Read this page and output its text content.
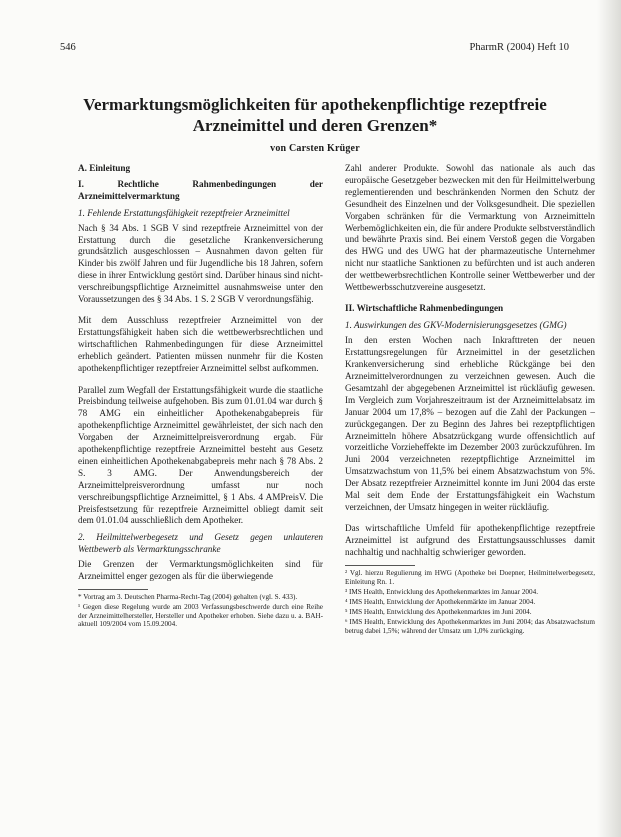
546	PharmR (2004) Heft 10
Vermarktungsmöglichkeiten für apothekenpflichtige rezeptfreie
Arzneimittel und deren Grenzen*
von Carsten Krüger
A. Einleitung
I. Rechtliche Rahmenbedingungen der Arzneimittelvermarktung
1. Fehlende Erstattungsfähigkeit rezeptfreier Arzneimittel

Nach § 34 Abs. 1 SGB V sind rezeptfreie Arzneimittel von der Erstattung durch die gesetzliche Krankenversicherung grundsätzlich ausgeschlossen – Ausnahmen davon gelten für Kinder bis zwölf Jahren und für Jugendliche bis 18 Jahren, sofern diese in ihrer Entwicklung gestört sind. Darüber hinaus sind nicht-verschreibungspflichtige Arzneimittel ausnahmsweise unter den Voraussetzungen des § 34 Abs. 1 S. 2 SGB V verordnungsfähig.

Mit dem Ausschluss rezeptfreier Arzneimittel von der Erstattungsfähigkeit haben sich die wettbewerbsrechtlichen und wirtschaftlichen Rahmenbedingungen für diese Arzneimittel erheblich geändert. Patienten müssen nunmehr für die Kosten apothekenpflichtiger rezeptfreier Arzneimittel selbst aufkommen.

Parallel zum Wegfall der Erstattungsfähigkeit wurde die staatliche Preisbindung teilweise aufgehoben. Bis zum 01.01.04 war durch § 78 AMG ein einheitlicher Apothekenabgabepreis für apothekenpflichtige Arzneimittel gewährleistet, der sich nach den Vorgaben der Arzneimittelpreisverordnung ergab. Für apothekenpflichtige rezeptfreie Arzneimittel besteht aus Gesetz einen einheitlichen Apothekenabgabepreis mehr nach § 78 Abs. 2 S. 3 AMG. Der Anwendungsbereich der Arzneimittelpreisverordnung umfasst nur noch verschreibungspflichtige Arzneimittel, § 1 Abs. 4 AMPreisV. Die Preisfestsetzung für rezeptfreie Arzneimittel obliegt damit seit dem 01.01.04 ausschließlich dem Apotheker.

2. Heilmittelwerbegesetz und Gesetz gegen unlauteren Wettbewerb als Vermarktungsschranke

Die Grenzen der Vermarktungsmöglichkeiten sind für Arzneimittel enger gezogen als für die überwiegende

* Vortrag am 3. Deutschen Pharma-Recht-Tag (2004) gehalten (vgl. S. 433).
¹ Gegen diese Regelung wurde am 2003 Verfassungsbeschwerde durch eine Reihe der Arzneimittelhersteller, Hersteller und Apotheker erhoben. Siehe dazu u. a. BAH-aktuell 109/2004 vom 15.09.2004.

Zahl anderer Produkte. Sowohl das nationale als auch das europäische Gesetzgeber bezwecken mit den für Heilmittelwerbung reglementierenden und beschränkenden Normen den Schutz der Gesundheit des Einzelnen und der Volksgesundheit. Die speziellen Vorgaben schränken für die Vermarktung von Arzneimitteln Werbemöglichkeiten ein, die für andere Produkte selbstverständlich und bewährte Praxis sind. Bei einem Verstoß gegen die Vorgaben des HWG und des UWG hat der pharmazeutische Unternehmer nicht nur staatliche Sanktionen zu befürchten und ist auch anderen der wettbewerbsrechtlichen Kontrolle seiner Wettbewerber und der Wettbewerbsschutzvereine ausgesetzt.

II. Wirtschaftliche Rahmenbedingungen
1. Auswirkungen des GKV-Modernisierungsgesetzes (GMG)

In den ersten Wochen nach Inkrafttreten der neuen Erstattungsregelungen für Arzneimittel in der gesetzlichen Krankenversicherung sind erhebliche Rückgänge bei den Arzneimittelverordnungen zu verzeichnen gewesen. Auch die Gesamtzahl der abgegebenen Arzneimittel ist rückläufig gewesen. Im Vergleich zum Vorjahreszeitraum ist der Arzneimittelabsatz im Januar 2004 um 17,8% – bezogen auf die Zahl der Packungen – zurückgegangen. Der zu Beginn des Jahres bei rezeptpflichtigen Arzneimitteln höhere Absatzrückgang wurde offensichtlich auf vorzeitliche Vorzieheffekte im Dezember 2003 zurückzuführen. Im Juni 2004 verzeichneten rezeptpflichtige Arzneimittel im Umsatzwachstum von 11,5% bei einem Absatzwachstum von 5%. Der Absatz rezeptfreier Arzneimittel konnte im Juni 2004 das erste Mal seit dem Ende der Erstattungsfähigkeit ein Wachstum verzeichnen, der Umsatz hingegen in weiter rückläufig.

Das wirtschaftliche Umfeld für apothekenpflichtige rezeptfreie Arzneimittel ist aufgrund des Erstattungsausschlusses damit nachhaltig und nachhaltig schwieriger geworden.

² Vgl. hierzu Regulierung im HWG (Apotheke bei Doepner, Heilmittelwerbegesetz, Einleitung Rn. 1.
³ IMS Health, Entwicklung des Apothekenmarktes im Januar 2004.
⁴ IMS Health, Entwicklung der Apothekenmärkte im Januar 2004.
⁵ IMS Health, Entwicklung des Apothekenmarktes im Juni 2004.
⁶ IMS Health, Entwicklung des Apothekenmarktes im Juni 2004; das Absatzwachstum betrug dabei 1,5%; während der Umsatz um 1,0% zurückging.
